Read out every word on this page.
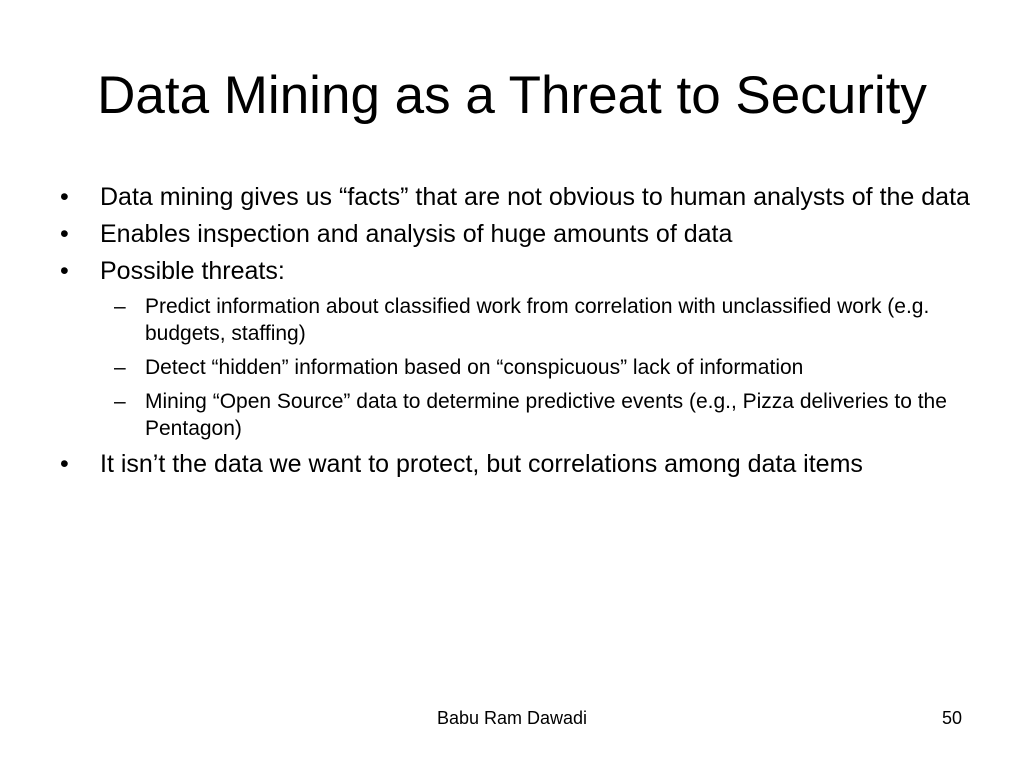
Data Mining as a Threat to Security
• Data mining gives us “facts” that are not obvious to human analysts of the data
• Enables inspection and analysis of huge amounts of data
• Possible threats:
– Predict information about classified work from correlation with unclassified work (e.g. budgets, staffing)
– Detect “hidden” information based on “conspicuous” lack of information
– Mining “Open Source” data to determine predictive events (e.g., Pizza deliveries to the Pentagon)
• It isn’t the data we want to protect, but correlations among data items
Babu Ram Dawadi	50
